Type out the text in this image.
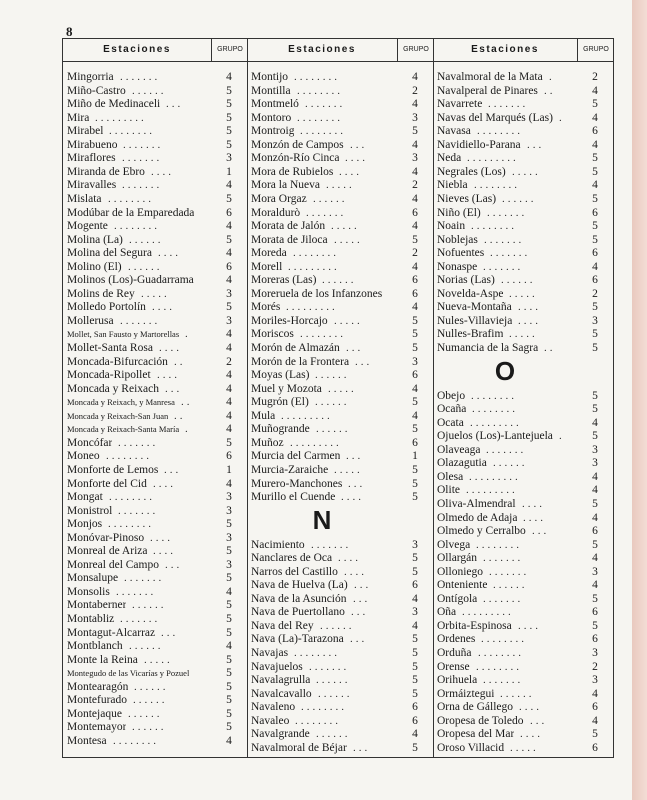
8
Estaciones	GRUPO
Mingorria	4
.......
Miño-Castro	5
......
Miño de Medinaceli	5
...
Mira	5
.........
Mirabel	5
........
Mirabueno	5
.......
Miraflores	3
.......
Miranda de Ebro	1
....
Miravalles	4
.......
Mislata	5
........
Modúbar de la Emparedada	6
Mogente	4
........
Molina (La)	5
......
Molina del Segura	4
....
Molino (El)	6
......
Molinos (Los)-Guadarrama	4
Molins de Rey	3
.....
Molledo Portolín	5
....
Mollerusa	3
.......
Mollet, San Fausto y Martorellas	4
.
Mollet-Santa Rosa	4
....
Moncada-Bifurcación	2
..
Moncada-Ripollet	4
....
Moncada y Reixach	4
...
Moncada y Reixach, y Manresa	4
..
Moncada y Reixach-San Juan	4
..
Moncada y Reixach-Santa María	4
.
Moncófar	5
.......
Moneo	6
........
Monforte de Lemos	1
...
Monforte del Cid	4
....
Mongat	3
........
Monistrol	3
.......
Monjos	5
........
Monóvar-Pinoso	3
....
Monreal de Ariza	5
....
Monreal del Campo	3
...
Monsalupe	5
.......
Monsolis	4
.......
Montaberner	5
......
Montabliz	5
.......
Montagut-Alcarraz	5
...
Montblanch	4
......
Monte la Reina	5
.....
Montegudo de las Vicarías y Pozuel	5
Montearagón	5
......
Montefurado	5
......
Montejaque	5
......
Montemayor	5
......
Montesa	4
........
Estaciones	GRUPO
Montijo	4
........
Montilla	2
........
Montmeló	4
.......
Montoro	3
........
Montroig	5
........
Monzón de Campos	4
...
Monzón-Río Cinca	3
....
Mora de Rubielos	4
....
Mora la Nueva	2
.....
Mora Orgaz	4
......
Moraldurò	6
.......
Morata de Jalón	4
.....
Morata de Jiloca	5
.....
Moreda	2
........
Morell	4
.........
Moreras (Las)	6
......
Moreruela de los Infanzones	6
Morés	4
.........
Moriles-Horcajo	5
.....
Moriscos	5
........
Morón de Almazán	5
...
Morón de la Frontera	3
...
Moyas (Las)	6
......
Muel y Mozota	4
.....
Mugrón (El)	5
......
Mula	4
.........
Muñogrande	5
......
Muñoz	6
.........
Murcia del Carmen	1
...
Murcia-Zaraiche	5
.....
Murero-Manchones	5
...
Murillo el Cuende	5
....
N
Nacimiento	3
.......
Nanclares de Oca	5
....
Narros del Castillo	5
....
Nava de Huelva (La)	6
...
Nava de la Asunción	4
...
Nava de Puertollano	3
...
Nava del Rey	4
......
Nava (La)-Tarazona	5
...
Navajas	5
........
Navajuelos	5
.......
Navalagrulla	5
......
Navalcavallo	5
......
Navaleno	6
........
Navaleo	6
........
Navalgrande	4
......
Navalmoral de Béjar	5
...
Estaciones	GRUPO
Navalmoral de la Mata	2
.
Navalperal de Pinares	4
..
Navarrete	5
.......
Navas del Marqués (Las)	4
.
Navasa	6
........
Navidiello-Parana	4
...
Neda	5
.........
Negrales (Los)	5
.....
Niebla	4
........
Nieves (Las)	5
......
Niño (El)	6
.......
Noain	5
........
Noblejas	5
.......
Nofuentes	6
.......
Nonaspe	4
.......
Norias (Las)	6
......
Novelda-Aspe	2
.....
Nueva-Montaña	5
....
Nules-Villavieja	3
....
Nulles-Brafim	5
.....
Numancia de la Sagra	5
..
O
Obejo	5
........
Ocaña	5
........
Ocata	4
.........
Ojuelos (Los)-Lantejuela	5
.
Olaveaga	3
.......
Olazagutia	3
......
Olesa	4
.........
Olite	4
.........
Oliva-Almendral	5
....
Olmedo de Adaja	4
....
Olmedo y Cerralbo	6
...
Olvega	5
........
Ollargán	4
.......
Olloniego	3
.......
Onteniente	4
......
Ontígola	5
.......
Oña	6
.........
Orbita-Espinosa	5
....
Ordenes	6
........
Orduña	3
........
Orense	2
........
Orihuela	3
.......
Ormáiztegui	4
......
Orna de Gállego	6
....
Oropesa de Toledo	4
...
Oropesa del Mar	5
....
Oroso Villacid	6
.....
